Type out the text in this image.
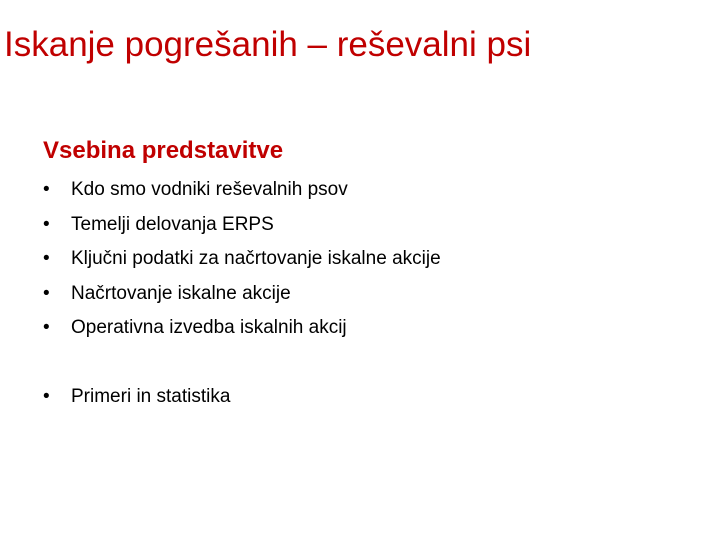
Iskanje pogrešanih – reševalni psi
Vsebina predstavitve
•	Kdo smo vodniki reševalnih psov
•	Temelji delovanja ERPS
•	Ključni podatki za načrtovanje iskalne akcije
•	Načrtovanje iskalne akcije
•	Operativna izvedba iskalnih akcij
•	Primeri in statistika
